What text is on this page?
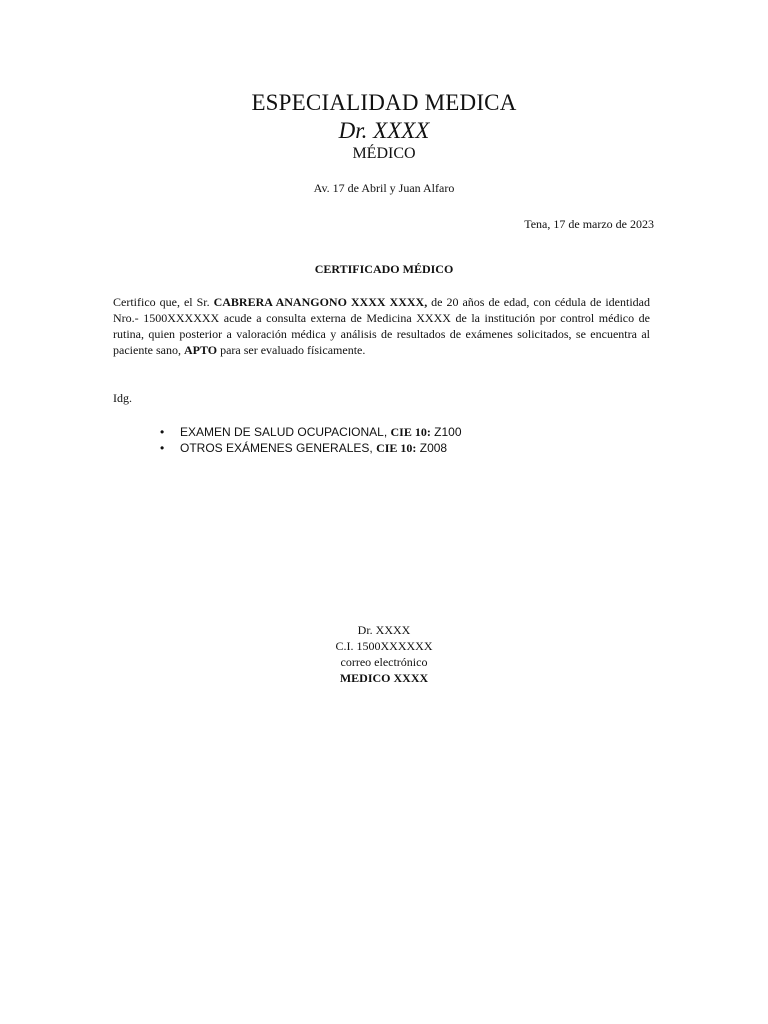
ESPECIALIDAD MEDICA
Dr. XXXX
MÉDICO
Av. 17 de Abril y Juan Alfaro
Tena, 17 de marzo de 2023
CERTIFICADO MÉDICO

Certifico que, el Sr. CABRERA ANANGONO XXXX XXXX, de 20 años de edad, con cédula de identidad Nro.- 1500XXXXXX acude a consulta externa de Medicina XXXX de la institución por control médico de rutina, quien posterior a valoración médica y análisis de resultados de exámenes solicitados, se encuentra al paciente sano, APTO para ser evaluado físicamente.

Idg.
• EXAMEN DE SALUD OCUPACIONAL, CIE 10: Z100
• OTROS EXÁMENES GENERALES, CIE 10: Z008
Dr. XXXX
C.I. 1500XXXXXX
correo electrónico
MEDICO XXXX
